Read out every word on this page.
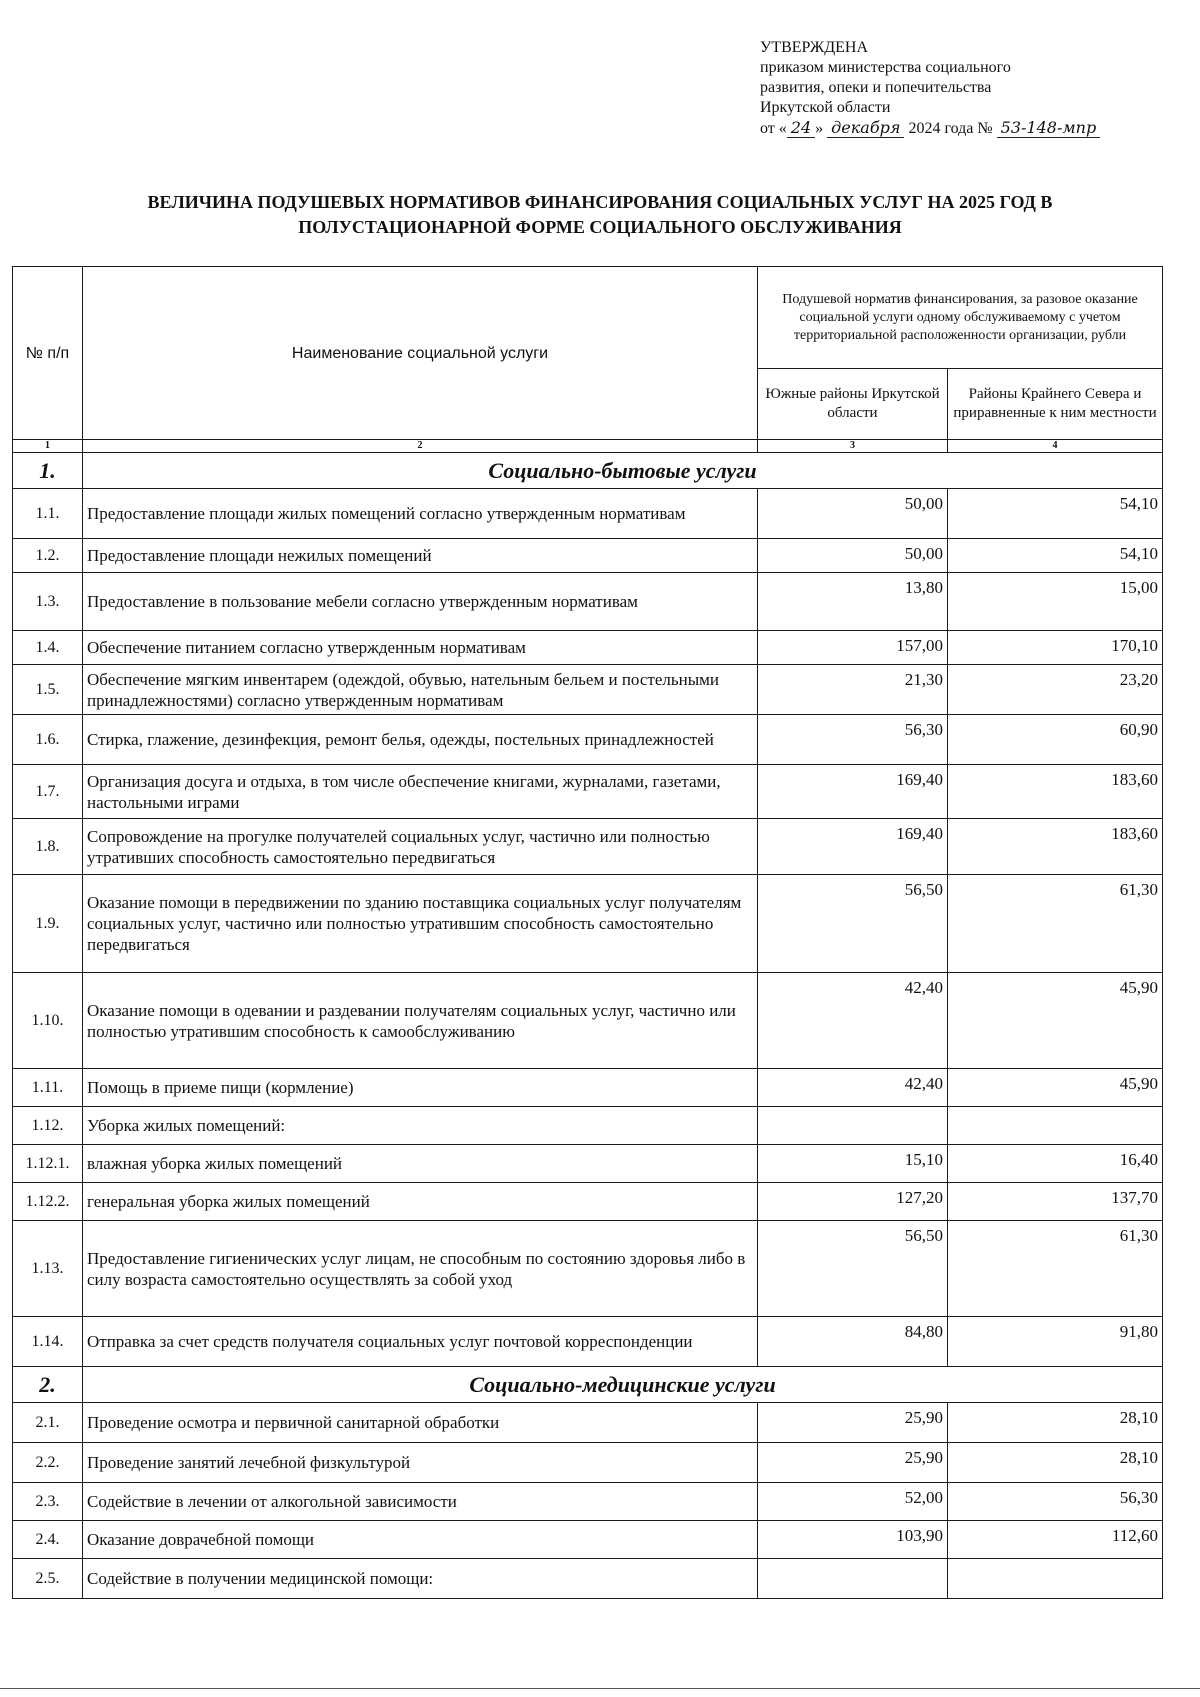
УТВЕРЖДЕНА
приказом министерства социального
развития, опеки и попечительства
Иркутской области
от « 24 » декабря 2024 года № 53-148-мпр
ВЕЛИЧИНА ПОДУШЕВЫХ НОРМАТИВОВ ФИНАНСИРОВАНИЯ СОЦИАЛЬНЫХ УСЛУГ НА 2025 ГОД В
ПОЛУСТАЦИОНАРНОЙ ФОРМЕ СОЦИАЛЬНОГО ОБСЛУЖИВАНИЯ
№ п/п	Наименование социальной услуги	Подушевой норматив финансирования, за разовое оказание социальной услуги одному обслуживаемому с учетом территориальной расположенности организации, рубли	
		Южные районы Иркутской области	Районы Крайнего Севера и приравненные к ним местности
1	2	3	4
1.	Социально-бытовые услуги		
1.1.	Предоставление площади жилых помещений согласно утвержденным нормативам	50,00	54,10
1.2.	Предоставление площади нежилых помещений	50,00	54,10
1.3.	Предоставление в пользование мебели согласно утвержденным нормативам	13,80	15,00
1.4.	Обеспечение питанием согласно утвержденным нормативам	157,00	170,10
1.5.	Обеспечение мягким инвентарем (одеждой, обувью, нательным бельем и постельными принадлежностями) согласно утвержденным нормативам	21,30	23,20
1.6.	Стирка, глажение, дезинфекция, ремонт белья, одежды, постельных принадлежностей	56,30	60,90
1.7.	Организация досуга и отдыха, в том числе обеспечение книгами, журналами, газетами, настольными играми	169,40	183,60
1.8.	Сопровождение на прогулке получателей социальных услуг, частично или полностью утративших способность самостоятельно передвигаться	169,40	183,60
1.9.	Оказание помощи в передвижении по зданию поставщика социальных услуг получателям социальных услуг, частично или полностью утратившим способность самостоятельно передвигаться	56,50	61,30
1.10.	Оказание помощи в одевании и раздевании получателям социальных услуг, частично или полностью утратившим способность к самообслуживанию	42,40	45,90
1.11.	Помощь в приеме пищи (кормление)	42,40	45,90
1.12.	Уборка жилых помещений:		
1.12.1.	влажная уборка жилых помещений	15,10	16,40
1.12.2.	генеральная уборка жилых помещений	127,20	137,70
1.13.	Предоставление гигиенических услуг лицам, не способным по состоянию здоровья либо в силу возраста самостоятельно осуществлять за собой уход	56,50	61,30
1.14.	Отправка за счет средств получателя социальных услуг почтовой корреспонденции	84,80	91,80
2.	Социально-медицинские услуги		
2.1.	Проведение осмотра и первичной санитарной обработки	25,90	28,10
2.2.	Проведение занятий лечебной физкультурой	25,90	28,10
2.3.	Содействие в лечении от алкогольной зависимости	52,00	56,30
2.4.	Оказание доврачебной помощи	103,90	112,60
2.5.	Содействие в получении медицинской помощи:		
